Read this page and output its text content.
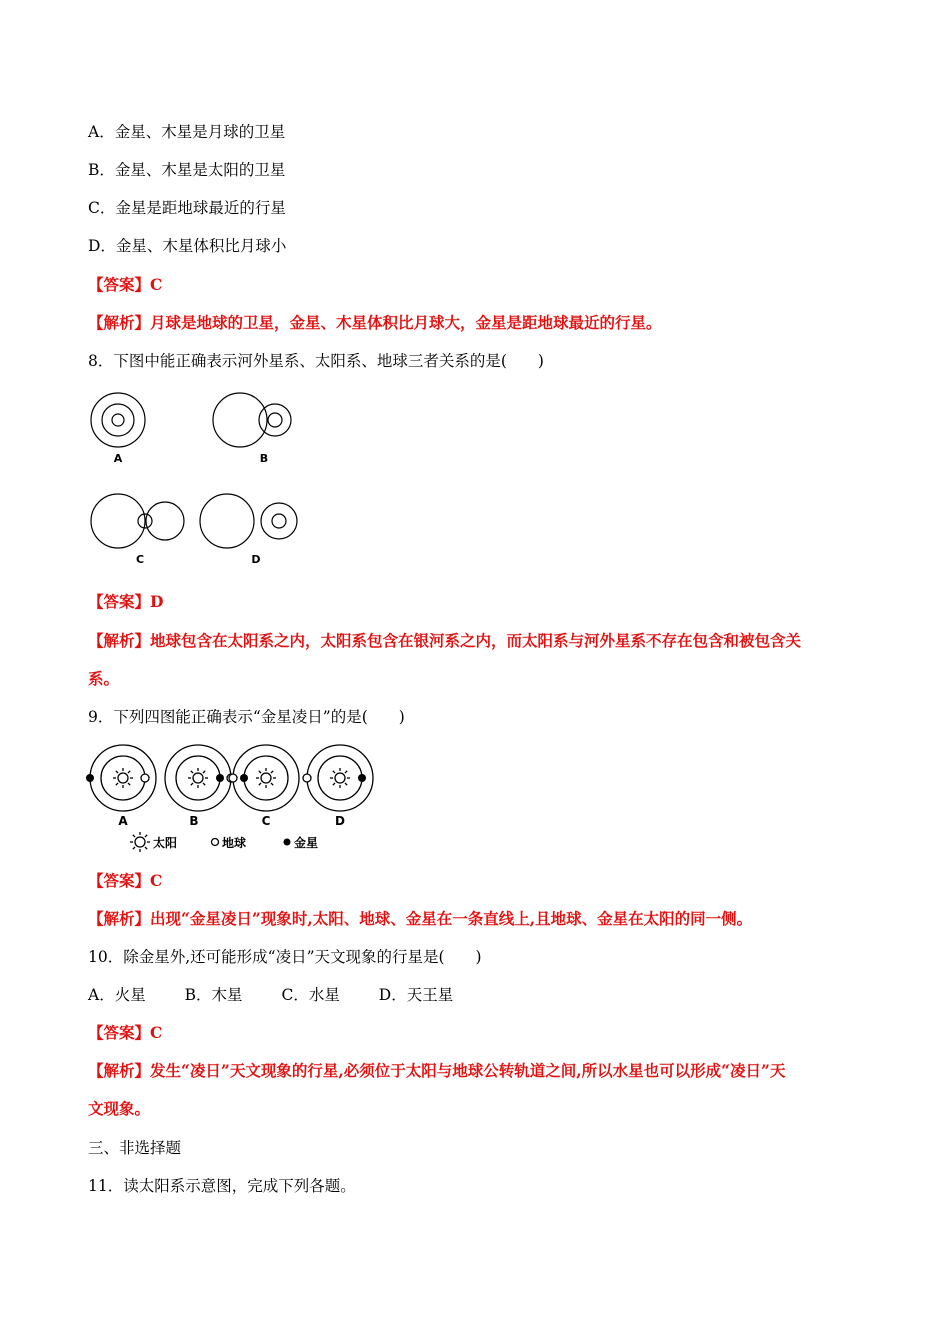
A．金星、木星是月球的卫星
B．金星、木星是太阳的卫星
C．金星是距地球最近的行星
D．金星、木星体积比月球小
【答案】C
【解析】月球是地球的卫星，金星、木星体积比月球大，金星是距地球最近的行星。
8．下图中能正确表示河外星系、太阳系、地球三者关系的是(　　)
A	B
C	D
【答案】D
【解析】地球包含在太阳系之内，太阳系包含在银河系之内，而太阳系与河外星系不存在包含和被包含关
系。
9．下列四图能正确表示“金星凌日”的是(　　)
A	B	C	D
太阳	地球	金星
【答案】C
【解析】出现“金星凌日”现象时,太阳、地球、金星在一条直线上,且地球、金星在太阳的同一侧。
10．除金星外,还可能形成“凌日”天文现象的行星是(　　)
A．火星	B．木星	C．水星	D．天王星
【答案】C
【解析】发生“凌日”天文现象的行星,必须位于太阳与地球公转轨道之间,所以水星也可以形成“凌日”天
文现象。
三、非选择题
11．读太阳系示意图，完成下列各题。
